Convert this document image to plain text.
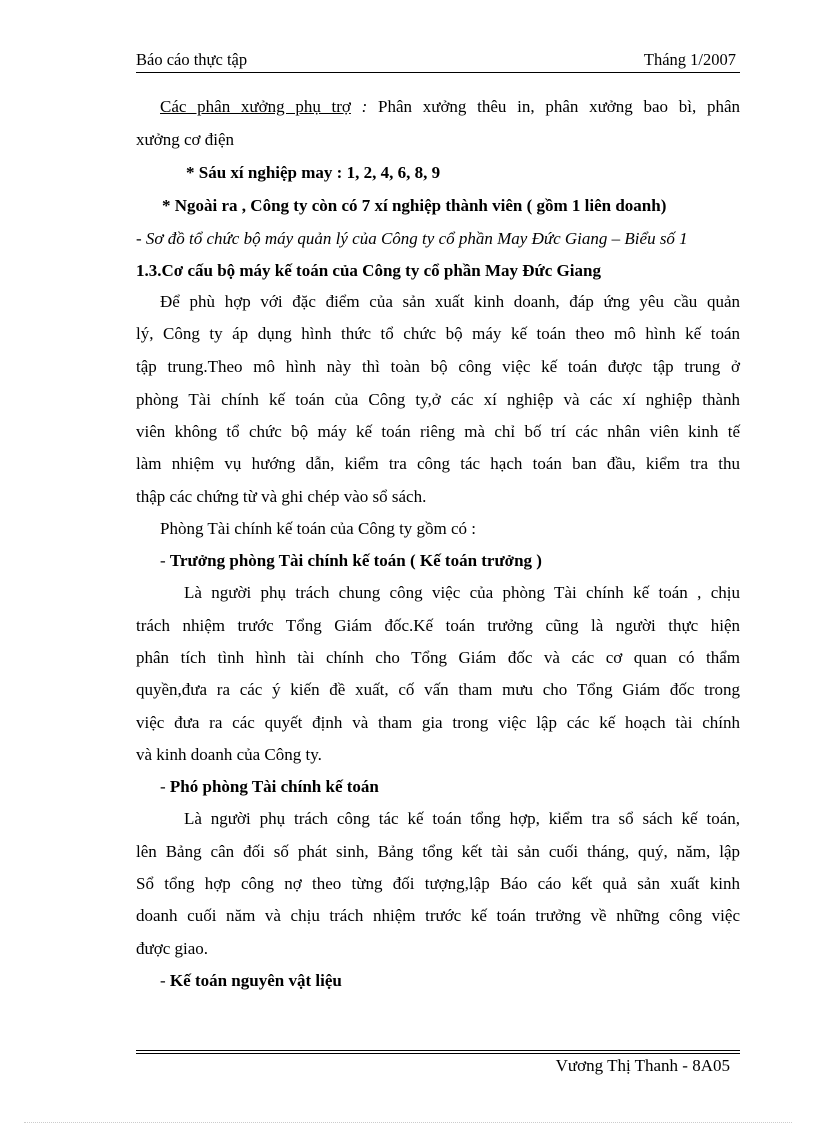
Báo cáo thực tập	Tháng 1/2007
Các phân xưởng phụ trợ : Phân xưởng thêu in, phân xưởng bao bì, phân
xưởng cơ điện
* Sáu xí nghiệp may : 1, 2, 4, 6, 8, 9
* Ngoài ra , Công ty còn có 7 xí nghiệp thành viên ( gồm 1 liên doanh)
- Sơ đồ tổ chức bộ máy quản lý của Công ty cổ phần May Đức Giang – Biểu số 1
1.3.Cơ cấu bộ máy kế toán của Công ty cổ phần May Đức Giang
Để phù hợp với đặc điểm của sản xuất kinh doanh, đáp ứng yêu cầu quản
lý, Công ty áp dụng hình thức tổ chức bộ máy kế toán theo mô hình kế toán
tập trung.Theo mô hình này thì toàn bộ công việc kế toán được tập trung ở
phòng Tài chính kế toán của Công ty,ở các xí nghiệp và các xí nghiệp thành
viên không tổ chức bộ máy kế toán riêng mà chỉ bố trí các nhân viên kinh tế
làm nhiệm vụ hướng dẫn, kiểm tra công tác hạch toán ban đầu, kiểm tra thu
thập các chứng từ và ghi chép vào sổ sách.
Phòng Tài chính kế toán của Công ty gồm có :
- Trưởng phòng Tài chính kế toán ( Kế toán trưởng )
Là người phụ trách chung công việc của phòng Tài chính kế toán , chịu
trách nhiệm trước Tổng Giám đốc.Kế toán trưởng cũng là người thực hiện
phân tích tình hình tài chính cho Tổng Giám đốc và các cơ quan có thẩm
quyền,đưa ra các ý kiến đề xuất, cố vấn tham mưu cho Tổng Giám đốc trong
việc đưa ra các quyết định và tham gia trong việc lập các kế hoạch tài chính
và kinh doanh của Công ty.
- Phó phòng Tài chính kế toán
Là người phụ trách công tác kế toán tổng hợp, kiểm tra sổ sách kế toán,
lên Bảng cân đối số phát sinh, Bảng tổng kết tài sản cuối tháng, quý, năm, lập
Sổ tổng hợp công nợ theo từng đối tượng,lập Báo cáo kết quả sản xuất kinh
doanh cuối năm và chịu trách nhiệm trước kế toán trưởng về những công việc
được giao.
- Kế toán nguyên vật liệu
Vương Thị Thanh - 8A05
